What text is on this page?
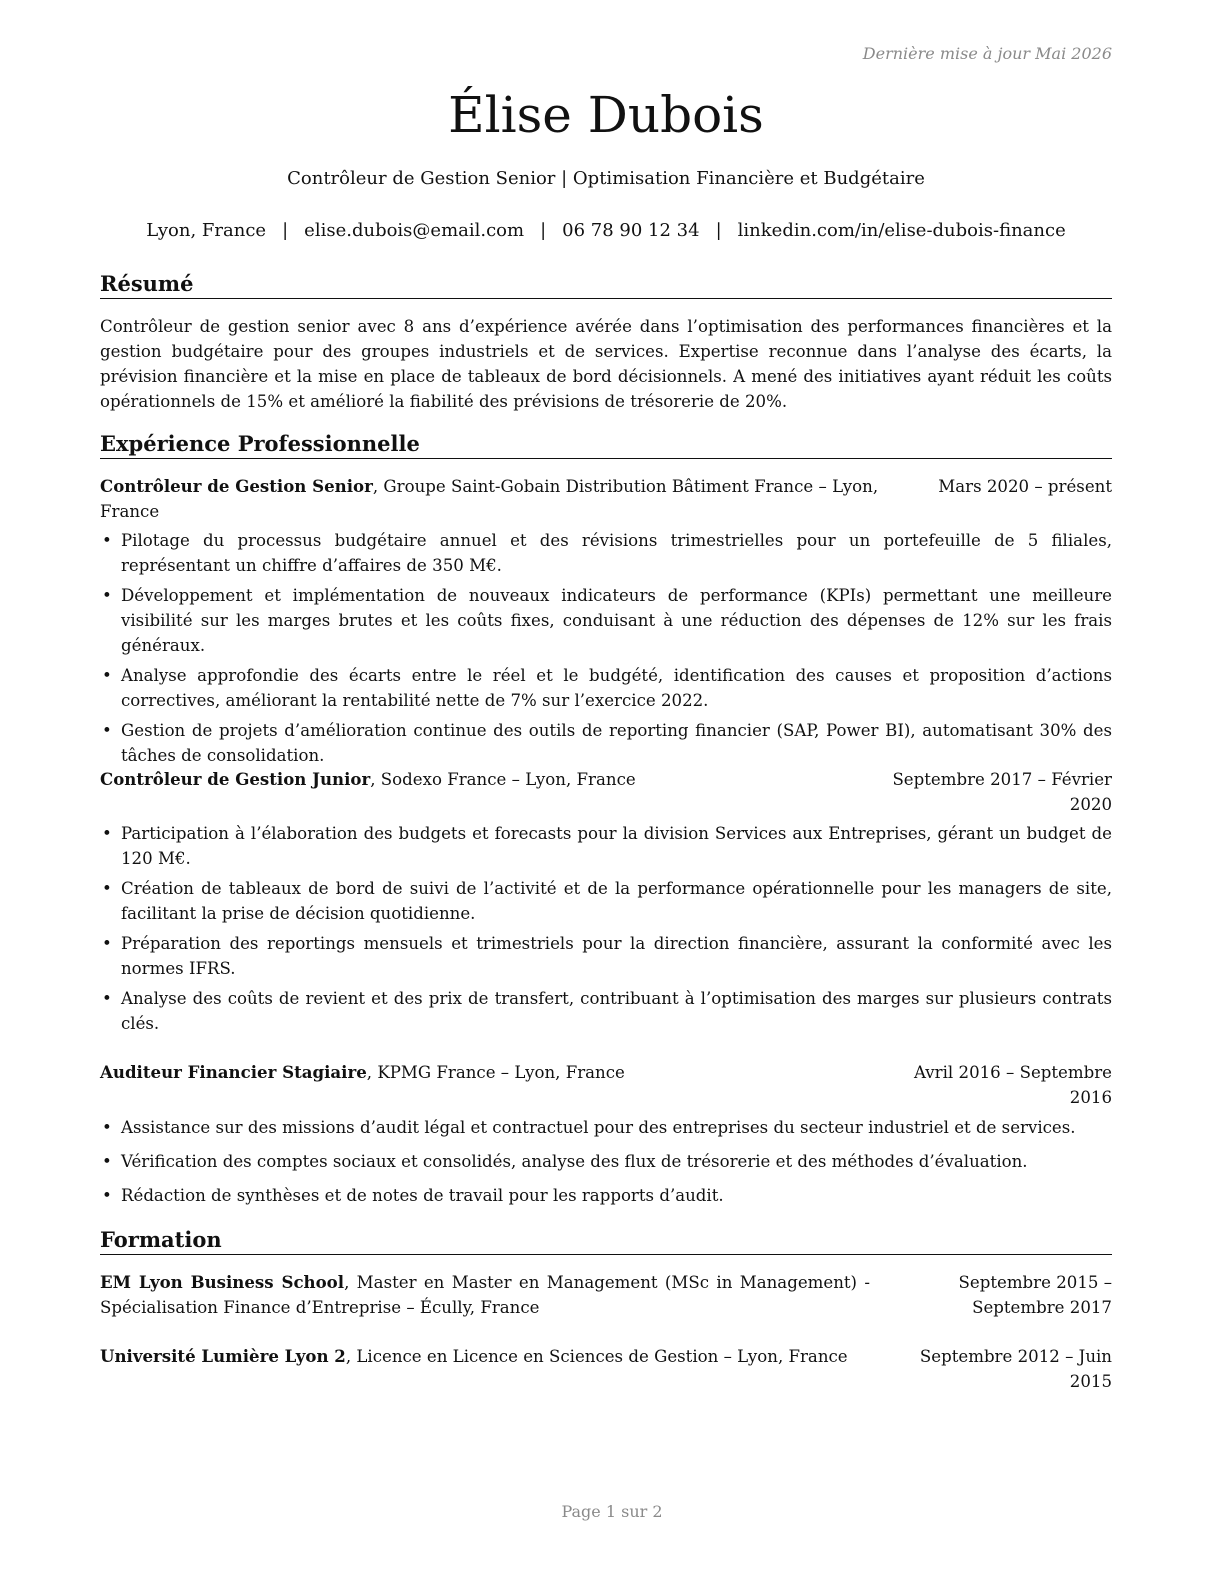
Dernière mise à jour Mai 2026
Élise Dubois
Contrôleur de Gestion Senior | Optimisation Financière et Budgétaire
Lyon, France | elise.dubois@email.com | 06 78 90 12 34 | linkedin.com/in/elise-dubois-finance
Résumé
Contrôleur de gestion senior avec 8 ans d’expérience avérée dans l’optimisation des performances financières et la gestion budgétaire pour des groupes industriels et de services. Expertise reconnue dans l’analyse des écarts, la prévision financière et la mise en place de tableaux de bord décisionnels. A mené des initiatives ayant réduit les coûts opérationnels de 15% et amélioré la fiabilité des prévisions de trésorerie de 20%.
Expérience Professionnelle
Contrôleur de Gestion Senior, Groupe Saint-Gobain Distribution Bâtiment France – Lyon, France
Mars 2020 – présent
• Pilotage du processus budgétaire annuel et des révisions trimestrielles pour un portefeuille de 5 filiales, représentant un chiffre d’affaires de 350 M€.
• Développement et implémentation de nouveaux indicateurs de performance (KPIs) permettant une meilleure visibilité sur les marges brutes et les coûts fixes, conduisant à une réduction des dépenses de 12% sur les frais généraux.
• Analyse approfondie des écarts entre le réel et le budgété, identification des causes et proposition d’actions correctives, améliorant la rentabilité nette de 7% sur l’exercice 2022.
• Gestion de projets d’amélioration continue des outils de reporting financier (SAP, Power BI), automatisant 30% des tâches de consolidation.
Contrôleur de Gestion Junior, Sodexo France – Lyon, France	Septembre 2017 – Février 2020
• Participation à l’élaboration des budgets et forecasts pour la division Services aux Entreprises, gérant un budget de 120 M€.
• Création de tableaux de bord de suivi de l’activité et de la performance opérationnelle pour les managers de site, facilitant la prise de décision quotidienne.
• Préparation des reportings mensuels et trimestriels pour la direction financière, assurant la conformité avec les normes IFRS.
• Analyse des coûts de revient et des prix de transfert, contribuant à l’optimisation des marges sur plusieurs contrats clés.
Auditeur Financier Stagiaire, KPMG France – Lyon, France	Avril 2016 – Septembre 2016
• Assistance sur des missions d’audit légal et contractuel pour des entreprises du secteur industriel et de services.
• Vérification des comptes sociaux et consolidés, analyse des flux de trésorerie et des méthodes d’évaluation.
• Rédaction de synthèses et de notes de travail pour les rapports d’audit.
Formation
EM Lyon Business School, Master en Master en Management (MSc in Management) - Spécialisation Finance d’Entreprise – Écully, France
Septembre 2015 – Septembre 2017
Université Lumière Lyon 2, Licence en Licence en Sciences de Gestion – Lyon, France	Septembre 2012 – Juin 2015
Page 1 sur 2
